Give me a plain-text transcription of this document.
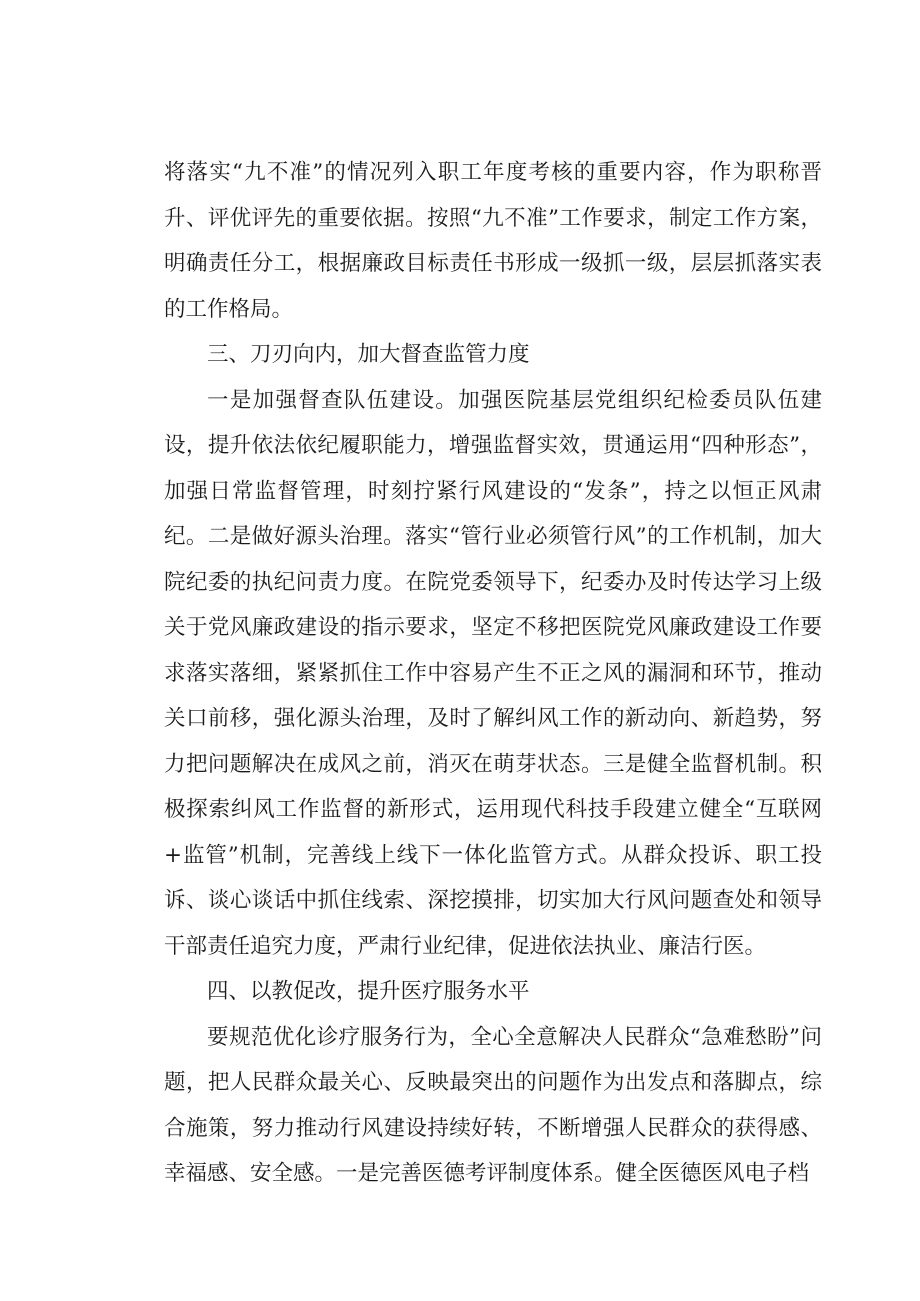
将落实“九不准”的情况列入职工年度考核的重要内容，作为职称晋升、评优评先的重要依据。按照“九不准”工作要求，制定工作方案，明确责任分工，根据廉政目标责任书形成一级抓一级，层层抓落实表的工作格局。

三、刀刃向内，加大督查监管力度

一是加强督查队伍建设。加强医院基层党组织纪检委员队伍建设，提升依法依纪履职能力，增强监督实效，贯通运用“四种形态”，加强日常监督管理，时刻拧紧行风建设的“发条”，持之以恒正风肃纪。二是做好源头治理。落实“管行业必须管行风”的工作机制，加大院纪委的执纪问责力度。在院党委领导下，纪委办及时传达学习上级关于党风廉政建设的指示要求，坚定不移把医院党风廉政建设工作要求落实落细，紧紧抓住工作中容易产生不正之风的漏洞和环节，推动关口前移，强化源头治理，及时了解纠风工作的新动向、新趋势，努力把问题解决在成风之前，消灭在萌芽状态。三是健全监督机制。积极探索纠风工作监督的新形式，运用现代科技手段建立健全“互联网+监管”机制，完善线上线下一体化监管方式。从群众投诉、职工投诉、谈心谈话中抓住线索、深挖摸排，切实加大行风问题查处和领导干部责任追究力度，严肃行业纪律，促进依法执业、廉洁行医。

四、以教促改，提升医疗服务水平

要规范优化诊疗服务行为，全心全意解决人民群众“急难愁盼”问题，把人民群众最关心、反映最突出的问题作为出发点和落脚点，综合施策，努力推动行风建设持续好转，不断增强人民群众的获得感、幸福感、安全感。一是完善医德考评制度体系。健全医德医风电子档
